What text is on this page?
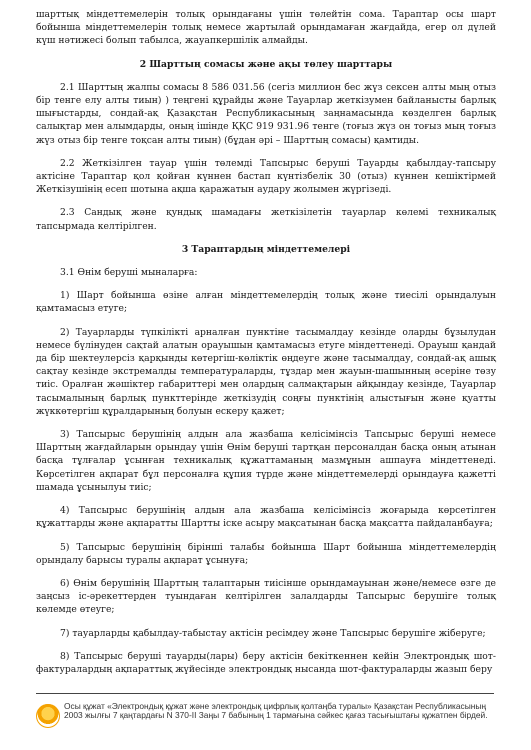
шарттық міндеттемелерін толық орындағаны үшін төлейтін сома. Тараптар осы шарт бойынша міндеттемелерін толық немесе жартылай орындамаған жағдайда, егер ол дүлей күш нәтижесі болып табылса, жауапкершілік алмайды.

2 Шарттың сомасы және ақы төлеу шарттары

2.1 Шарттың жалпы сомасы 8 586 031.56 (сегіз миллион бес жүз сексен алты мың отыз бір тенге елу алты тиын) ) теңгені құрайды және Тауарлар жеткізумен байланысты барлық шығыстарды, сондай-ақ Қазақстан Республикасының заңнамасында көзделген барлық салықтар мен алымдарды, оның ішінде ҚҚС 919 931.96 тенге (тоғыз жүз он тоғыз мың тоғыз жүз отыз бір тенге тоқсан алты тиын) (бұдан әрі – Шарттың сомасы) қамтиды.

2.2 Жеткізілген тауар үшін төлемді Тапсырыс беруші Тауарды қабылдау-тапсыру актісіне Тараптар қол қойған күннен бастап күнтізбелік 30 (отыз) күннен кешіктірмей Жеткізушінің есеп шотына ақша қаражатын аудару жолымен жүргізеді.

2.3 Сандық және қундық шамадағы жеткізілетін тауарлар көлемі техникалық тапсырмада келтірілген.

3 Тараптардың міндеттемелері

3.1 Өнім беруші мыналарға:

1) Шарт бойынша өзіне алған міндеттемелердің толық және тиесілі орындалуын қамтамасыз етуге;

2) Тауарларды түпкілікті арналған пунктіне тасымалдау кезінде оларды бұзылудан немесе бүлінуден сақтай алатын орауышын қамтамасыз етуге міндеттенеді. Орауыш қандай да бір шектеулерсіз қарқынды көтергіш-көліктік өңдеуге және тасымалдау, сондай-ақ ашық сақтау кезінде экстремалды температураларды, тұздар мен жауын-шашынның әсеріне төзу тиіс. Оралған жәшіктер габариттері мен олардың салмақтарын айқындау кезінде, Тауарлар тасымалының барлық пункттерінде жеткізудің соңғы пунктінің алыстығын және қуатты жүккөтергіш құралдарының болуын ескеру қажет;

3) Тапсырыс берушінің алдын ала жазбаша келісімінсіз Тапсырыс беруші немесе Шарттың жағдайларын орындау үшін Өнім беруші тартқан персоналдан басқа оның атынан басқа тұлғалар ұсынған техникалық құжаттаманың мазмұнын ашпауға міндеттенеді. Көрсетілген ақпарат бұл персоналға құпия түрде және міндеттемелерді орындауға қажетті шамада ұсынылуы тиіс;

4) Тапсырыс берушінің алдын ала жазбаша келісімінсіз жоғарыда көрсетілген құжаттарды және ақпаратты Шартты іске асыру мақсатынан басқа мақсатта пайдаланбауға;

5) Тапсырыс берушінің бірінші талабы бойынша Шарт бойынша міндеттемелердің орындалу барысы туралы ақпарат ұсынуға;

6) Өнім берушінің Шарттың талаптарын тиісінше орындамауынан және/немесе өзге де заңсыз іс-әрекеттерден туындаған келтірілген залалдарды Тапсырыс берушіге толық көлемде өтеуге;

7) тауарларды қабылдау-табыстау актісін ресімдеу және Тапсырыс берушіге жіберуге;

8) Тапсырыс беруші тауарды(лары) беру актісін бекіткеннен кейін Электрондық шот-фактуралардың ақпараттық жүйесінде электрондық нысанда шот-фактураларды жазып беру

Осы құжат «Электрондық құжат және электрондық цифрлық қолтаңба туралы» Қазақстан Республикасының 2003 жылғы 7 қаңтардағы N 370-II Заңы 7 бабының 1 тармағына сәйкес қағаз тасығыштағы құжатпен бірдей.
